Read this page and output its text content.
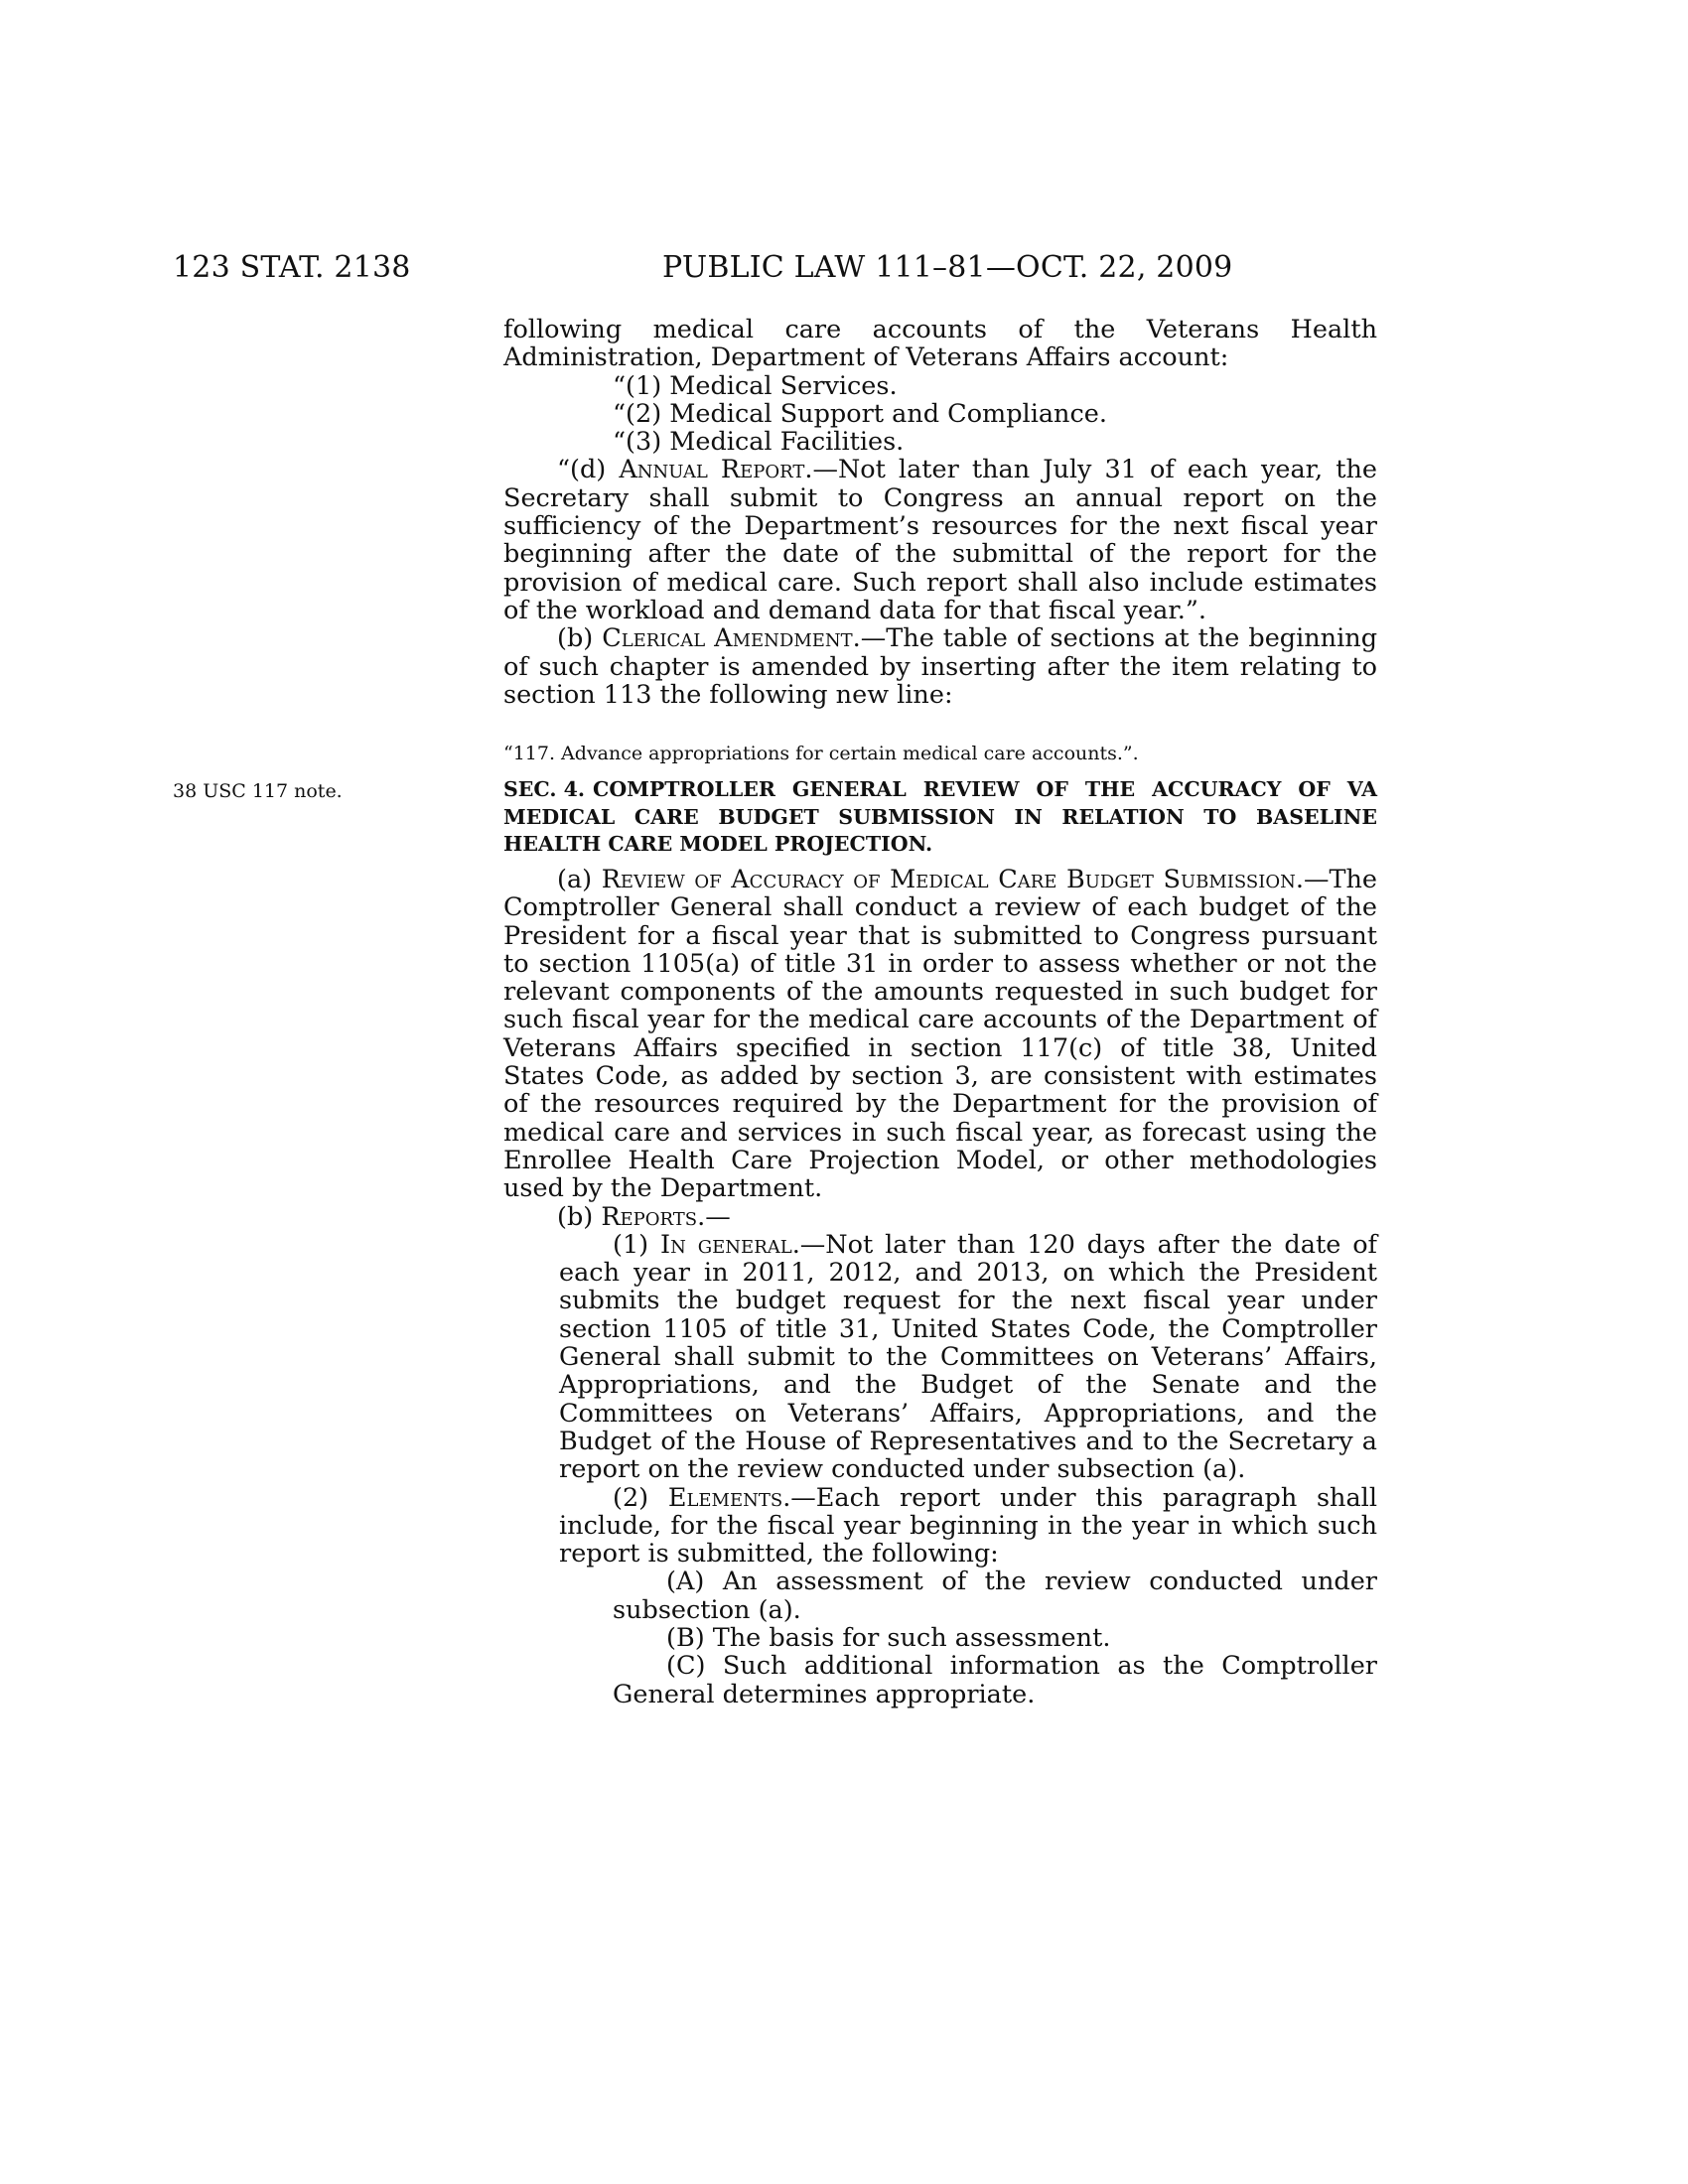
123 STAT. 2138	PUBLIC LAW 111–81—OCT. 22, 2009

following medical care accounts of the Veterans Health Administration, Department of Veterans Affairs account:

“(1) Medical Services.

“(2) Medical Support and Compliance.

“(3) Medical Facilities.

“(d) Annual Report.—Not later than July 31 of each year, the Secretary shall submit to Congress an annual report on the sufficiency of the Department’s resources for the next fiscal year beginning after the date of the submittal of the report for the provision of medical care. Such report shall also include estimates of the workload and demand data for that fiscal year.”.

(b) Clerical Amendment.—The table of sections at the beginning of such chapter is amended by inserting after the item relating to section 113 the following new line:

“117. Advance appropriations for certain medical care accounts.”.
38 USC 117 note.	SEC. 4. COMPTROLLER GENERAL REVIEW OF THE ACCURACY OF VA MEDICAL CARE BUDGET SUBMISSION IN RELATION TO BASELINE HEALTH CARE MODEL PROJECTION.

(a) Review of Accuracy of Medical Care Budget Submission.—The Comptroller General shall conduct a review of each budget of the President for a fiscal year that is submitted to Congress pursuant to section 1105(a) of title 31 in order to assess whether or not the relevant components of the amounts requested in such budget for such fiscal year for the medical care accounts of the Department of Veterans Affairs specified in section 117(c) of title 38, United States Code, as added by section 3, are consistent with estimates of the resources required by the Department for the provision of medical care and services in such fiscal year, as forecast using the Enrollee Health Care Projection Model, or other methodologies used by the Department.

(b) Reports.—

(1) In general.—Not later than 120 days after the date of each year in 2011, 2012, and 2013, on which the President submits the budget request for the next fiscal year under section 1105 of title 31, United States Code, the Comptroller General shall submit to the Committees on Veterans’ Affairs, Appropriations, and the Budget of the Senate and the Committees on Veterans’ Affairs, Appropriations, and the Budget of the House of Representatives and to the Secretary a report on the review conducted under subsection (a).

(2) Elements.—Each report under this paragraph shall include, for the fiscal year beginning in the year in which such report is submitted, the following:

(A) An assessment of the review conducted under subsection (a).

(B) The basis for such assessment.

(C) Such additional information as the Comptroller General determines appropriate.
